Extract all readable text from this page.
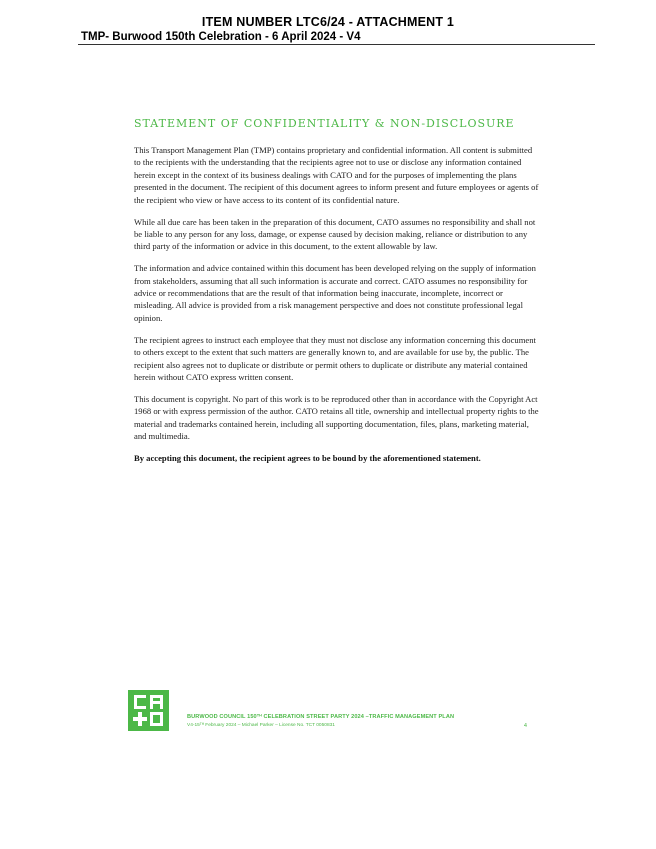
ITEM NUMBER LTC6/24 - ATTACHMENT 1
TMP- Burwood 150th Celebration - 6 April 2024 - V4
STATEMENT OF CONFIDENTIALITY & NON-DISCLOSURE

This Transport Management Plan (TMP) contains proprietary and confidential information. All content is submitted to the recipients with the understanding that the recipients agree not to use or disclose any information contained herein except in the context of its business dealings with CATO and for the purposes of implementing the plans presented in the document. The recipient of this document agrees to inform present and future employees or agents of the recipient who view or have access to its content of its confidential nature.

While all due care has been taken in the preparation of this document, CATO assumes no responsibility and shall not be liable to any person for any loss, damage, or expense caused by decision making, reliance or distribution to any third party of the information or advice in this document, to the extent allowable by law.

The information and advice contained within this document has been developed relying on the supply of information from stakeholders, assuming that all such information is accurate and correct. CATO assumes no responsibility for advice or recommendations that are the result of that information being inaccurate, incomplete, incorrect or misleading. All advice is provided from a risk management perspective and does not constitute professional legal opinion.

The recipient agrees to instruct each employee that they must not disclose any information concerning this document to others except to the extent that such matters are generally known to, and are available for use by, the public. The recipient also agrees not to duplicate or distribute or permit others to duplicate or distribute any material contained herein without CATO express written consent.

This document is copyright. No part of this work is to be reproduced other than in accordance with the Copyright Act 1968 or with express permission of the author. CATO retains all title, ownership and intellectual property rights to the material and trademarks contained herein, including all supporting documentation, files, plans, marketing material, and multimedia.

By accepting this document, the recipient agrees to be bound by the aforementioned statement.

BURWOOD COUNCIL 150ᵀᴴ CELEBRATION STREET PARTY 2024 –TRAFFIC MANAGEMENT PLAN
V4-15ᵀᴴ February 2024 – Michael Parker – License No. TCT 0050831	4
